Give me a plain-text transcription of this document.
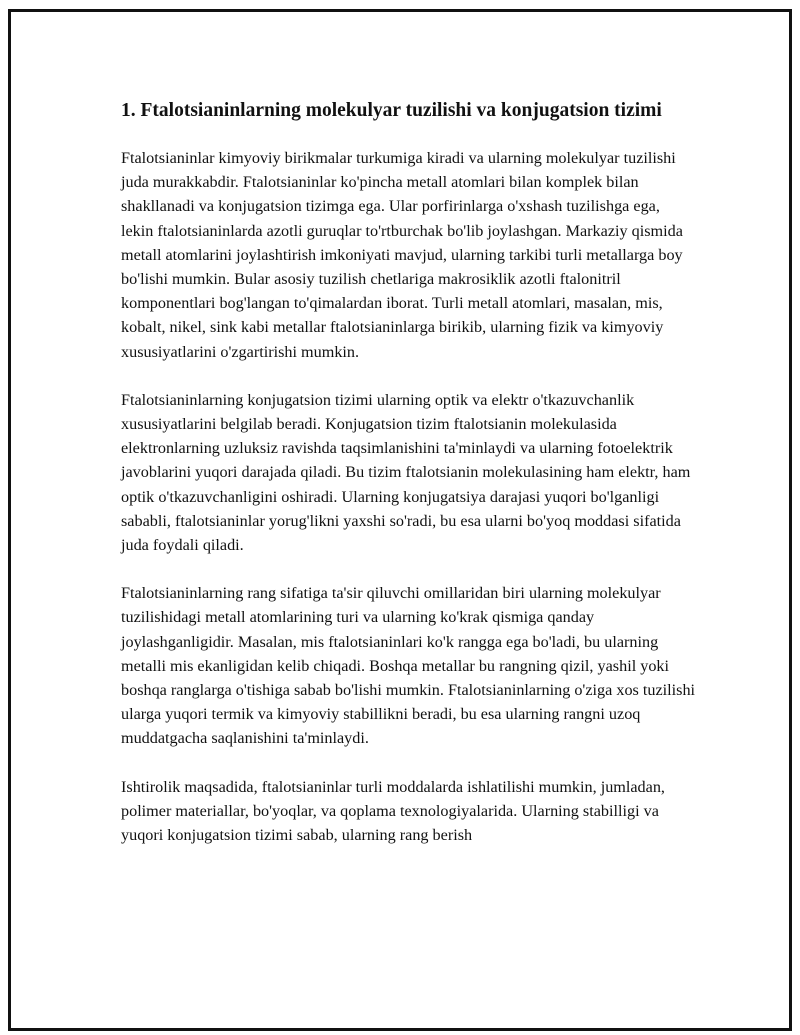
1. Ftalotsianinlarning molekulyar tuzilishi va konjugatsion tizimi

Ftalotsianinlar kimyoviy birikmalar turkumiga kiradi va ularning molekulyar tuzilishi juda murakkabdir. Ftalotsianinlar ko'pincha metall atomlari bilan komplek bilan shakllanadi va konjugatsion tizimga ega. Ular porfirinlarga o'xshash tuzilishga ega, lekin ftalotsianinlarda azotli guruqlar to'rtburchak bo'lib joylashgan. Markaziy qismida metall atomlarini joylashtirish imkoniyati mavjud, ularning tarkibi turli metallarga boy bo'lishi mumkin. Bular asosiy tuzilish chetlariga makrosiklik azotli ftalonitril komponentlari bog'langan to'qimalardan iborat. Turli metall atomlari, masalan, mis, kobalt, nikel, sink kabi metallar ftalotsianinlarga birikib, ularning fizik va kimyoviy xususiyatlarini o'zgartirishi mumkin.

Ftalotsianinlarning konjugatsion tizimi ularning optik va elektr o'tkazuvchanlik xususiyatlarini belgilab beradi. Konjugatsion tizim ftalotsianin molekulasida elektronlarning uzluksiz ravishda taqsimlanishini ta'minlaydi va ularning fotoelektrik javoblarini yuqori darajada qiladi. Bu tizim ftalotsianin molekulasining ham elektr, ham optik o'tkazuvchanligini oshiradi. Ularning konjugatsiya darajasi yuqori bo'lganligi sababli, ftalotsianinlar yorug'likni yaxshi so'radi, bu esa ularni bo'yoq moddasi sifatida juda foydali qiladi.

Ftalotsianinlarning rang sifatiga ta'sir qiluvchi omillaridan biri ularning molekulyar tuzilishidagi metall atomlarining turi va ularning ko'krak qismiga qanday joylashganligidir. Masalan, mis ftalotsianinlari ko'k rangga ega bo'ladi, bu ularning metalli mis ekanligidan kelib chiqadi. Boshqa metallar bu rangning qizil, yashil yoki boshqa ranglarga o'tishiga sabab bo'lishi mumkin. Ftalotsianinlarning o'ziga xos tuzilishi ularga yuqori termik va kimyoviy stabillikni beradi, bu esa ularning rangni uzoq muddatgacha saqlanishini ta'minlaydi.

Ishtirolik maqsadida, ftalotsianinlar turli moddalarda ishlatilishi mumkin, jumladan, polimer materiallar, bo'yoqlar, va qoplama texnologiyalarida. Ularning stabilligi va yuqori konjugatsion tizimi sabab, ularning rang berish
